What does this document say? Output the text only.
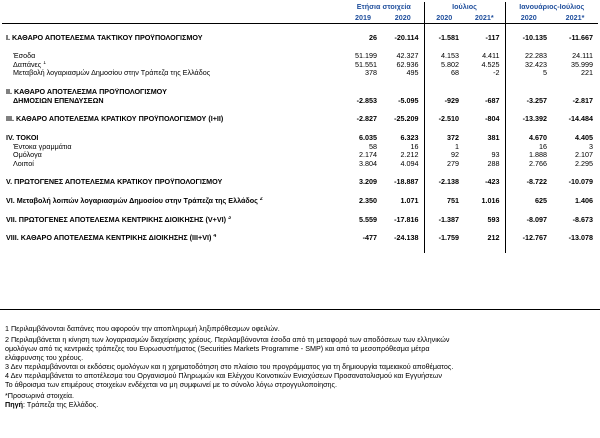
	Ετήσια στοιχεία		Ιούλιος		Ιανουάριος-Ιούλιος	
	2019	2020	2020	2021*	2020	2021*

I. ΚΑΘΑΡΟ ΑΠΟΤΕΛΕΣΜΑ ΤΑΚΤΙΚΟΥ ΠΡΟΫΠΟΛΟΓΙΣΜΟΥ	26	-20.114	-1.581	-117	-10.135	-11.667

Έσοδα	51.199	42.327	4.153	4.411	22.283	24.111
Δαπάνες $^1$	51.551	62.936	5.802	4.525	32.423	35.999
Μεταβολή λογαριασμών Δημοσίου στην Τράπεζα της Ελλάδος	378	495	68	-2	5	221

II. ΚΑΘΑΡΟ ΑΠΟΤΕΛΕΣΜΑ ΠΡΟΫΠΟΛΟΓΙΣΜΟΥ						
ΔΗΜΟΣΙΩΝ ΕΠΕΝΔΥΣΕΩΝ	-2.853	-5.095	-929	-687	-3.257	-2.817

III. ΚΑΘΑΡΟ ΑΠΟΤΕΛΕΣΜΑ ΚΡΑΤΙΚΟΥ ΠΡΟΫΠΟΛΟΓΙΣΜΟΥ (I+II)	-2.827	-25.209	-2.510	-804	-13.392	-14.484

IV. ΤΟΚΟΙ	6.035	6.323	372	381	4.670	4.405
Έντοκα γραμμάτια	58	16	1		16	3
Ομόλογα	2.174	2.212	92	93	1.888	2.107
Λοιποί	3.804	4.094	279	288	2.766	2.295

V. ΠΡΩΤΟΓΕΝΕΣ ΑΠΟΤΕΛΕΣΜΑ ΚΡΑΤΙΚΟΥ ΠΡΟΫΠΟΛΟΓΙΣΜΟΥ	3.209	-18.887	-2.138	-423	-8.722	-10.079

VI. Μεταβολή λοιπών λογαριασμών Δημοσίου στην Τράπεζα της Ελλάδος $^2$	2.350	1.071	751	1.016	625	1.406

VII. ΠΡΩΤΟΓΕΝΕΣ ΑΠΟΤΕΛΕΣΜΑ ΚΕΝΤΡΙΚΗΣ ΔΙΟΙΚΗΣΗΣ (V+VI) $^3$	5.559	-17.816	-1.387	593	-8.097	-8.673

VIII. ΚΑΘΑΡΟ ΑΠΟΤΕΛΕΣΜΑ ΚΕΝΤΡΙΚΗΣ ΔΙΟΙΚΗΣΗΣ (III+VI) $^4$	-477	-24.138	-1.759	212	-12.767	-13.078

1 Περιλαμβάνονται δαπάνες που αφορούν την αποπληρωμή ληξιπρόθεσμων οφειλών.

2 Περιλαμβάνεται η κίνηση των λογαριασμών διαχείρισης χρέους. Περιλαμβάνονται έσοδα από τη μεταφορά των αποδόσεων των ελληνικών

ομολόγων από τις κεντρικές τράπεζες του Ευρωσυστήματος (Securities Markets Programme - SMP) και από τα μεσοπρόθεσμα μέτρα

ελάφρυνσης του χρέους.

3 Δεν περιλαμβάνονται οι εκδόσεις ομολόγων και η χρηματοδότηση στο πλαίσιο του προγράμματος για τη δημιουργία ταμειακού αποθέματος.

4 Δεν περιλαμβάνεται το αποτέλεσμα του Οργανισμού Πληρωμών και Ελέγχου Κοινοτικών Ενισχύσεων Προσανατολισμού και Εγγυήσεων

Το άθροισμα των επιμέρους στοιχείων ενδέχεται να μη συμφωνεί με το σύνολο λόγω στρογγυλοποίησης.

*Προσωρινά στοιχεία.

Πηγή: Τράπεζα της Ελλάδος.
